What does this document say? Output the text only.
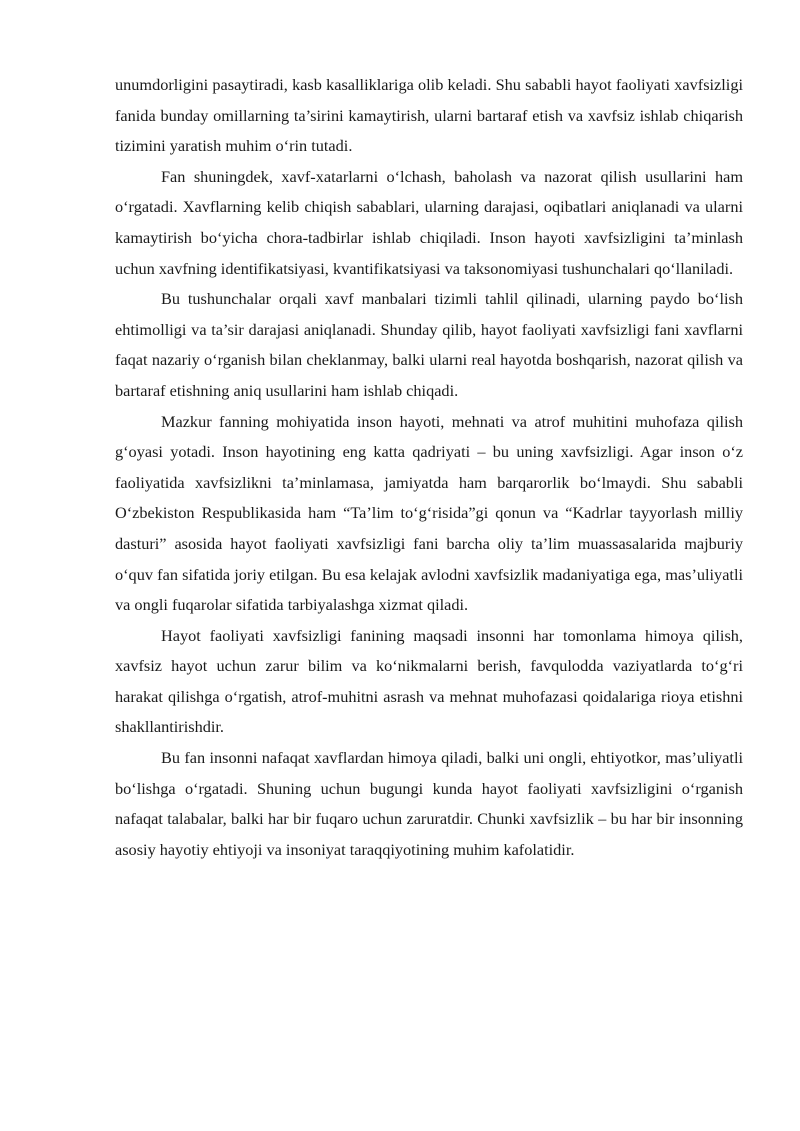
unumdorligini pasaytiradi, kasb kasalliklariga olib keladi. Shu sababli hayot faoliyati xavfsizligi fanida bunday omillarning ta’sirini kamaytirish, ularni bartaraf etish va xavfsiz ishlab chiqarish tizimini yaratish muhim o‘rin tutadi.

Fan shuningdek, xavf-xatarlarni o‘lchash, baholash va nazorat qilish usullarini ham o‘rgatadi. Xavflarning kelib chiqish sabablari, ularning darajasi, oqibatlari aniqlanadi va ularni kamaytirish bo‘yicha chora-tadbirlar ishlab chiqiladi. Inson hayoti xavfsizligini ta’minlash uchun xavfning identifikatsiyasi, kvantifikatsiyasi va taksonomiyasi tushunchalari qo‘llaniladi.

Bu tushunchalar orqali xavf manbalari tizimli tahlil qilinadi, ularning paydo bo‘lish ehtimolligi va ta’sir darajasi aniqlanadi. Shunday qilib, hayot faoliyati xavfsizligi fani xavflarni faqat nazariy o‘rganish bilan cheklanmay, balki ularni real hayotda boshqarish, nazorat qilish va bartaraf etishning aniq usullarini ham ishlab chiqadi.

Mazkur fanning mohiyatida inson hayoti, mehnati va atrof muhitini muhofaza qilish g‘oyasi yotadi. Inson hayotining eng katta qadriyati – bu uning xavfsizligi. Agar inson o‘z faoliyatida xavfsizlikni ta’minlamasa, jamiyatda ham barqarorlik bo‘lmaydi. Shu sababli O‘zbekiston Respublikasida ham “Ta’lim to‘g‘risida”gi qonun va “Kadrlar tayyorlash milliy dasturi” asosida hayot faoliyati xavfsizligi fani barcha oliy ta’lim muassasalarida majburiy o‘quv fan sifatida joriy etilgan. Bu esa kelajak avlodni xavfsizlik madaniyatiga ega, mas’uliyatli va ongli fuqarolar sifatida tarbiyalashga xizmat qiladi.

Hayot faoliyati xavfsizligi fanining maqsadi insonni har tomonlama himoya qilish, xavfsiz hayot uchun zarur bilim va ko‘nikmalarni berish, favqulodda vaziyatlarda to‘g‘ri harakat qilishga o‘rgatish, atrof-muhitni asrash va mehnat muhofazasi qoidalariga rioya etishni shakllantirishdir.

Bu fan insonni nafaqat xavflardan himoya qiladi, balki uni ongli, ehtiyotkor, mas’uliyatli bo‘lishga o‘rgatadi. Shuning uchun bugungi kunda hayot faoliyati xavfsizligini o‘rganish nafaqat talabalar, balki har bir fuqaro uchun zaruratdir. Chunki xavfsizlik – bu har bir insonning asosiy hayotiy ehtiyoji va insoniyat taraqqiyotining muhim kafolatidir.
